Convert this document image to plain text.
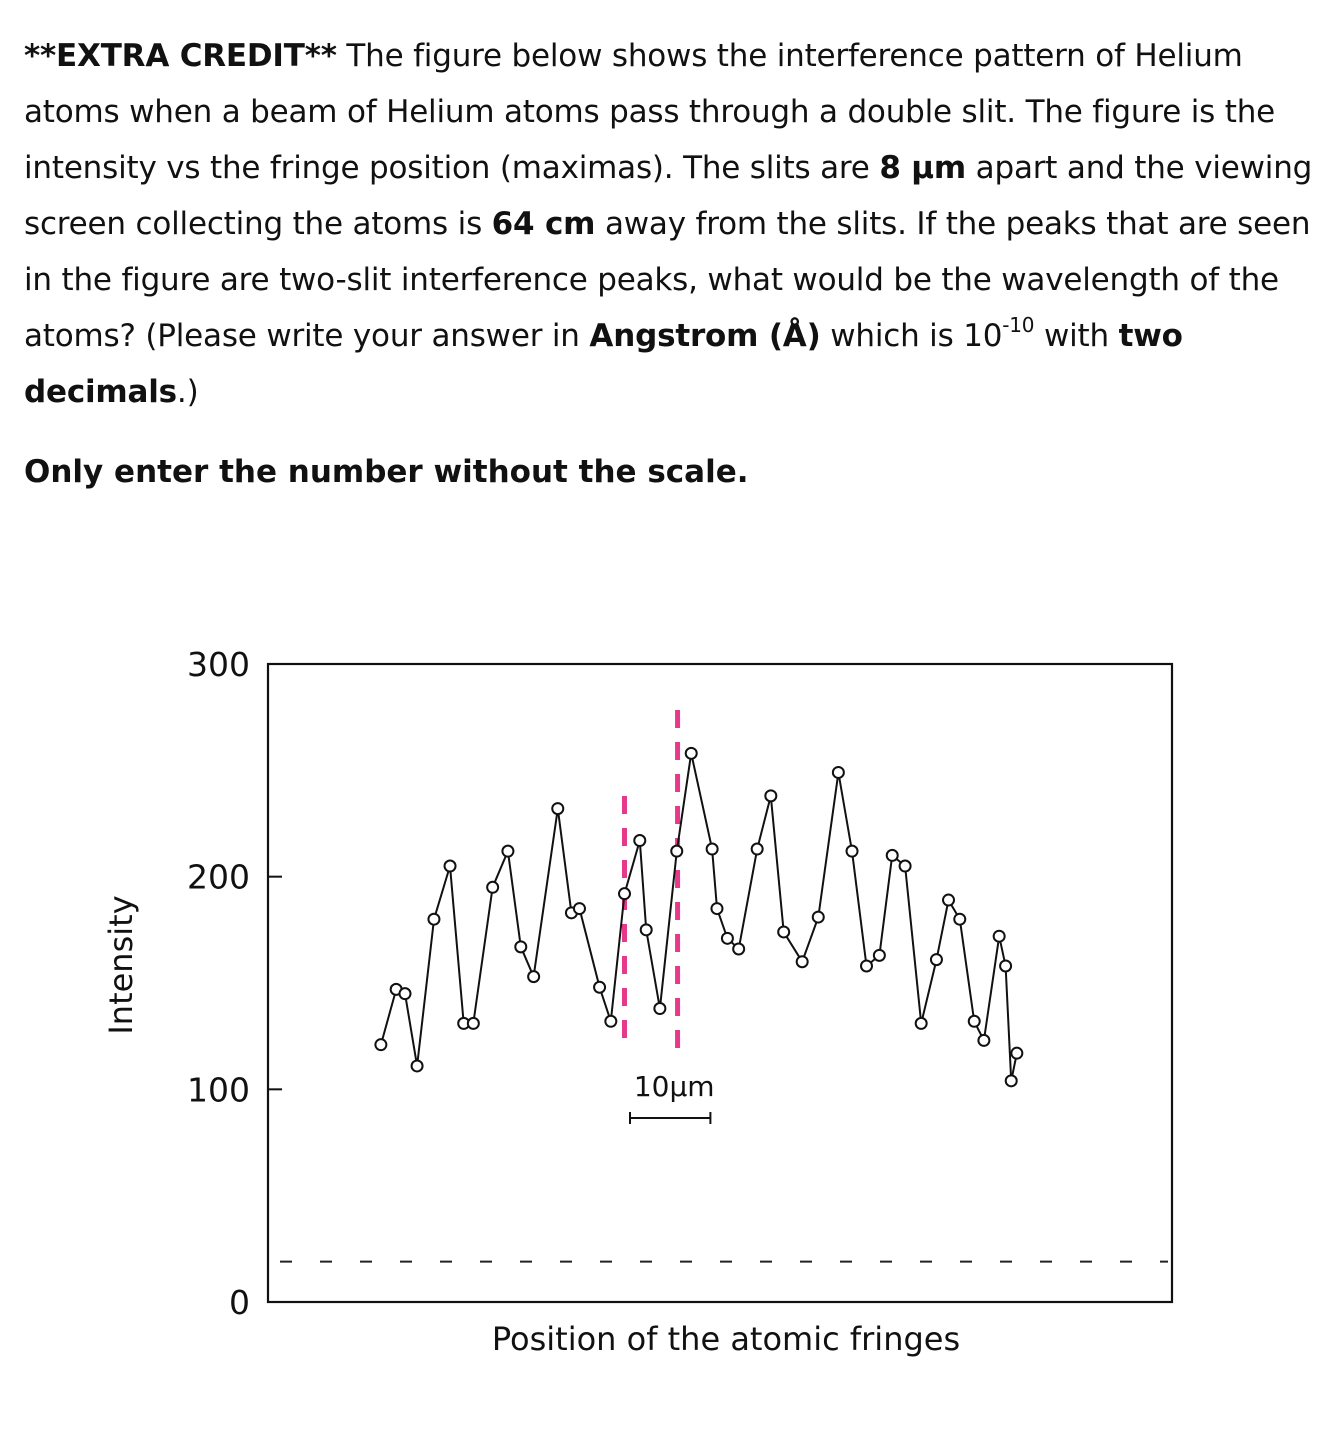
**EXTRA CREDIT** The figure below shows the interference pattern of Helium atoms when a beam of Helium atoms pass through a double slit. The figure is the intensity vs the fringe position (maximas). The slits are 8 μm apart and the viewing screen collecting the atoms is 64 cm away from the slits. If the peaks that are seen in the figure are two-slit interference peaks, what would be the wavelength of the atoms? (Please write your answer in Angstrom (Å) which is $10^{-10}$ with two decimals.)
Only enter the number without the scale.
300
200
100
0
10μm
Position of the atomic fringes
Intensity
